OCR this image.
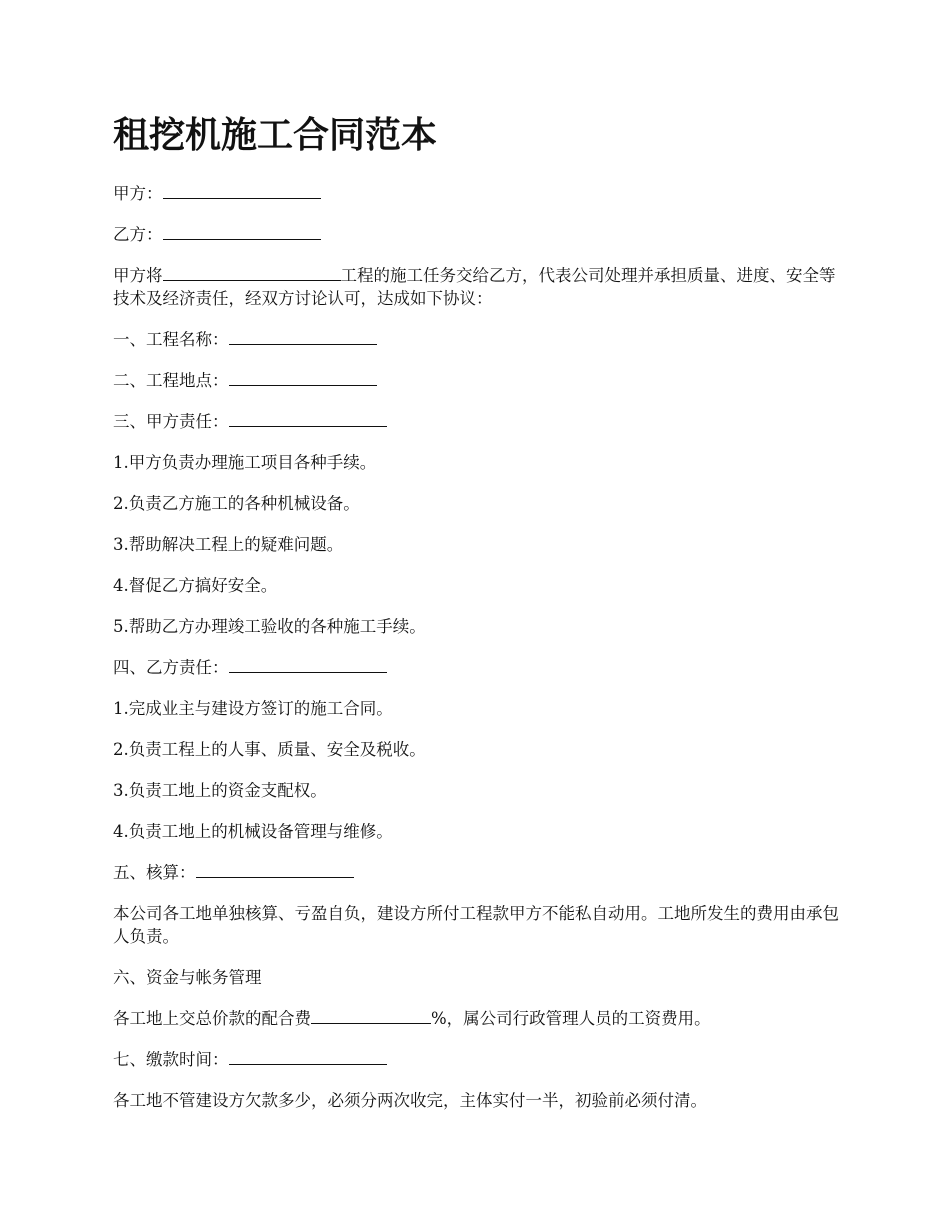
租挖机施工合同范本
甲方：
乙方：
甲方将	工程的施工任务交给乙方，代表公司处理并承担质量、进度、安全等技术及经济责任，经双方讨论认可，达成如下协议：
一、工程名称：
二、工程地点：
三、甲方责任：
1.甲方负责办理施工项目各种手续。
2.负责乙方施工的各种机械设备。
3.帮助解决工程上的疑难问题。
4.督促乙方搞好安全。
5.帮助乙方办理竣工验收的各种施工手续。
四、乙方责任：
1.完成业主与建设方签订的施工合同。
2.负责工程上的人事、质量、安全及税收。
3.负责工地上的资金支配权。
4.负责工地上的机械设备管理与维修。
五、核算：
本公司各工地单独核算、亏盈自负，建设方所付工程款甲方不能私自动用。工地所发生的费用由承包人负责。
六、资金与帐务管理
各工地上交总价款的配合费	%，属公司行政管理人员的工资费用。
七、缴款时间：
各工地不管建设方欠款多少，必须分两次收完，主体实付一半，初验前必须付清。
